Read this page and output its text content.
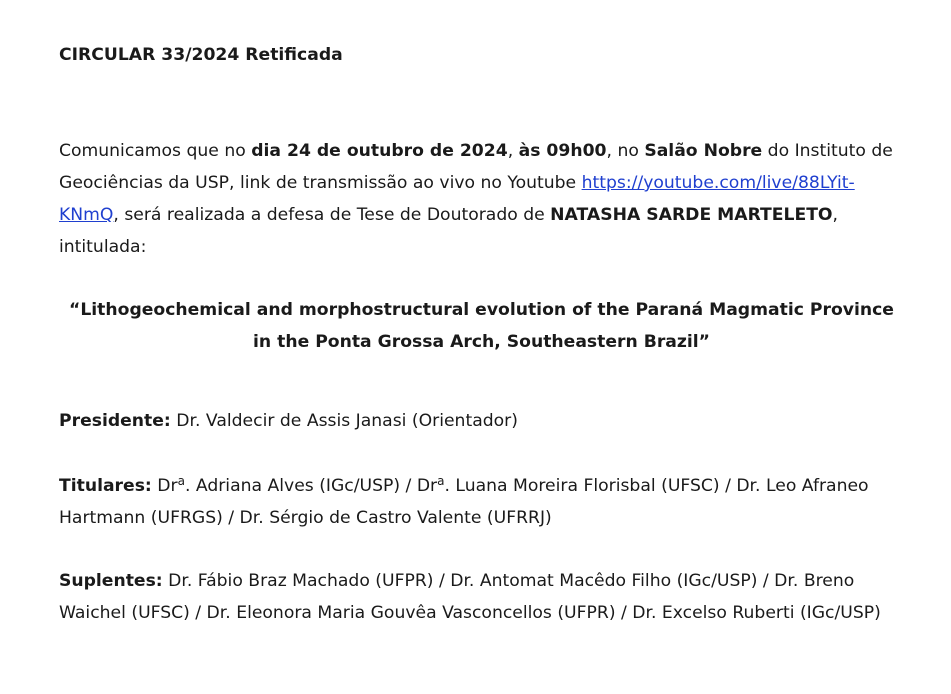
CIRCULAR 33/2024 Retificada
Comunicamos que no dia 24 de outubro de 2024, às 09h00, no Salão Nobre do Instituto de Geociências da USP, link de transmissão ao vivo no Youtube https://youtube.com/live/88LYit-KNmQ, será realizada a defesa de Tese de Doutorado de NATASHA SARDE MARTELETO, intitulada:
“Lithogeochemical and morphostructural evolution of the Paraná Magmatic Province in the Ponta Grossa Arch, Southeastern Brazil”
Presidente: Dr. Valdecir de Assis Janasi (Orientador)
Titulares: Dr$^a$. Adriana Alves (IGc/USP) / Dr$^a$. Luana Moreira Florisbal (UFSC) / Dr. Leo Afraneo Hartmann (UFRGS) / Dr. Sérgio de Castro Valente (UFRRJ)
Suplentes: Dr. Fábio Braz Machado (UFPR) / Dr. Antomat Macêdo Filho (IGc/USP) / Dr. Breno Waichel (UFSC) / Dr. Eleonora Maria Gouvêa Vasconcellos (UFPR) / Dr. Excelso Ruberti (IGc/USP)
